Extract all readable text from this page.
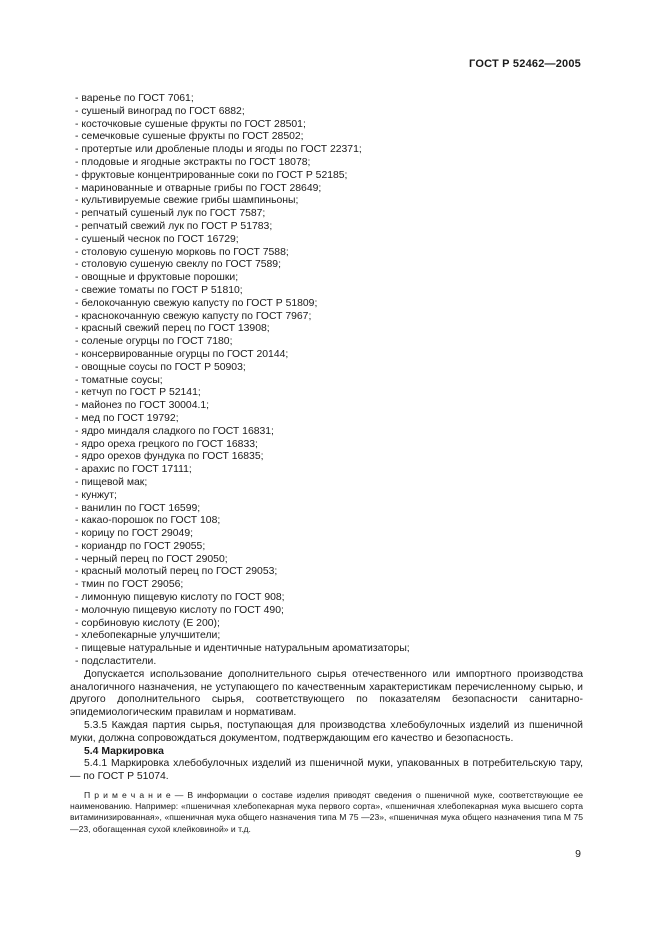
ГОСТ Р 52462—2005
- варенье по ГОСТ 7061;
- сушеный виноград по ГОСТ 6882;
- косточковые сушеные фрукты по ГОСТ 28501;
- семечковые сушеные фрукты по ГОСТ 28502;
- протертые или дробленые плоды и ягоды по ГОСТ 22371;
- плодовые и ягодные экстракты по ГОСТ 18078;
- фруктовые концентрированные соки по ГОСТ Р 52185;
- маринованные и отварные грибы по ГОСТ 28649;
- культивируемые свежие грибы шампиньоны;
- репчатый сушеный лук по ГОСТ 7587;
- репчатый свежий лук по ГОСТ Р 51783;
- сушеный чеснок по ГОСТ 16729;
- столовую сушеную морковь по ГОСТ 7588;
- столовую сушеную свеклу по ГОСТ 7589;
- овощные и фруктовые порошки;
- свежие томаты по ГОСТ Р 51810;
- белокочанную свежую капусту по ГОСТ Р 51809;
- краснокочанную свежую капусту по ГОСТ 7967;
- красный свежий перец по ГОСТ 13908;
- соленые огурцы по ГОСТ 7180;
- консервированные огурцы по ГОСТ 20144;
- овощные соусы по ГОСТ Р 50903;
- томатные соусы;
- кетчуп по ГОСТ Р 52141;
- майонез по ГОСТ 30004.1;
- мед по ГОСТ 19792;
- ядро миндаля сладкого по ГОСТ 16831;
- ядро ореха грецкого по ГОСТ 16833;
- ядро орехов фундука по ГОСТ 16835;
- арахис по ГОСТ 17111;
- пищевой мак;
- кунжут;
- ванилин по ГОСТ 16599;
- какао-порошок по ГОСТ 108;
- корицу по ГОСТ 29049;
- кориандр по ГОСТ 29055;
- черный перец по ГОСТ 29050;
- красный молотый перец по ГОСТ 29053;
- тмин по ГОСТ 29056;
- лимонную пищевую кислоту по ГОСТ 908;
- молочную пищевую кислоту по ГОСТ 490;
- сорбиновую кислоту (Е 200);
- хлебопекарные улучшители;
- пищевые натуральные и идентичные натуральным ароматизаторы;
- подсластители.

Допускается использование дополнительного сырья отечественного или импортного производства аналогичного назначения, не уступающего по качественным характеристикам перечисленному сырью, и другого дополнительного сырья, соответствующего по показателям безопасности санитарно-эпидемиологическим правилам и нормативам.

5.3.5 Каждая партия сырья, поступающая для производства хлебобулочных изделий из пшеничной муки, должна сопровождаться документом, подтверждающим его качество и безопасность.

5.4 Маркировка

5.4.1 Маркировка хлебобулочных изделий из пшеничной муки, упакованных в потребительскую тару, — по ГОСТ Р 51074.

П р и м е ч а н и е — В информации о составе изделия приводят сведения о пшеничной муке, соответствующие ее наименованию. Например: «пшеничная хлебопекарная мука первого сорта», «пшеничная хлебопекарная мука высшего сорта витаминизированная», «пшеничная мука общего назначения типа М 75 —23», «пшеничная мука общего назначения типа М 75—23, обогащенная сухой клейковиной» и т.д.

9
